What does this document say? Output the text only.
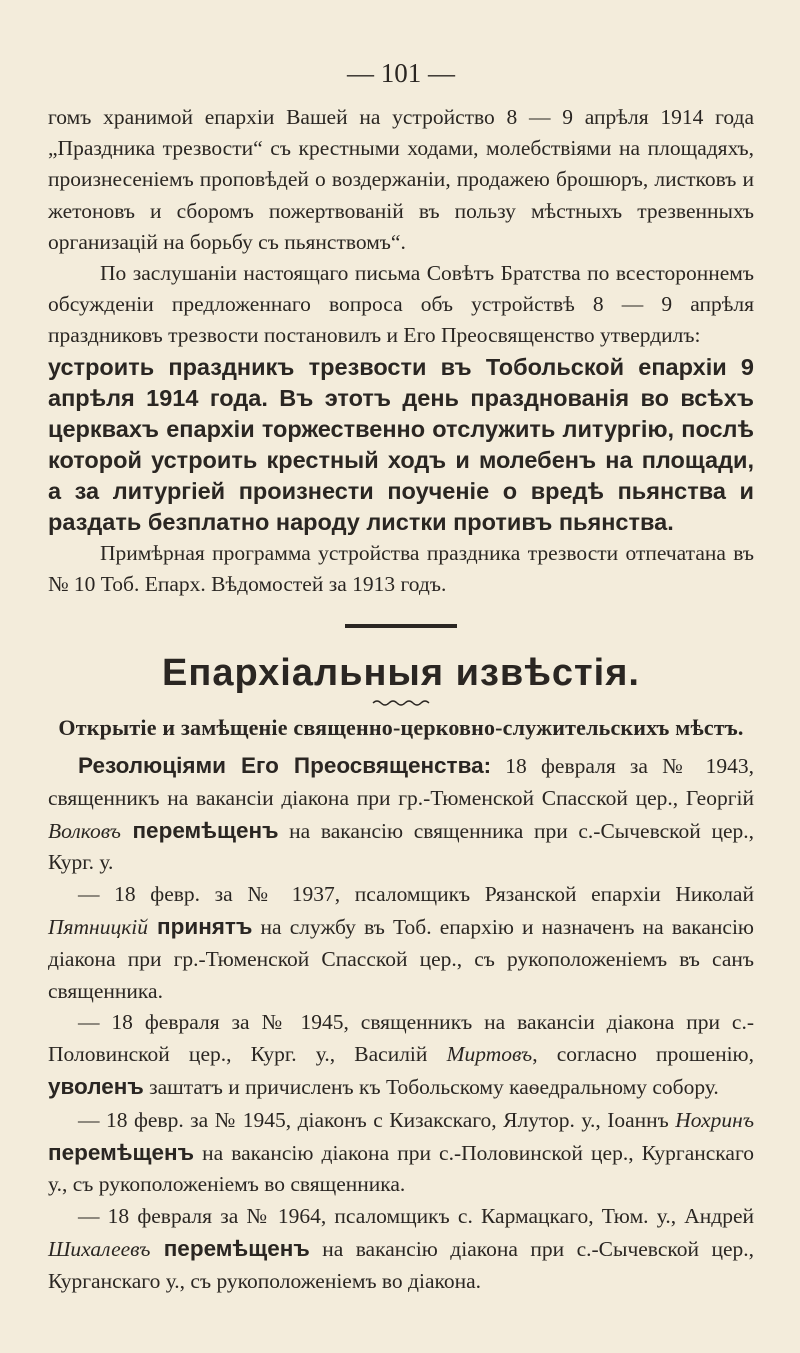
— 101 —

гомъ хранимой епархіи Вашей на устройство 8 — 9 апрѣля 1914 года „Праздника трезвости“ съ крестными ходами, молебствіями на площадяхъ, произнесеніемъ проповѣдей о воздержаніи, продажею брошюръ, листковъ и жетоновъ и сборомъ пожертвованій въ пользу мѣстныхъ трезвенныхъ организацій на борьбу съ пьянствомъ“.

По заслушаніи настоящаго письма Совѣтъ Братства по всестороннемъ обсужденіи предложеннаго вопроса объ устройствѣ 8 — 9 апрѣля праздниковъ трезвости постановилъ и Его Преосвященство утвердилъ:

устроить праздникъ трезвости въ Тобольской епархіи 9 апрѣля 1914 года. Въ этотъ день празднованія во всѣхъ церквахъ епархіи торжественно отслужить литургію, послѣ которой устроить крестный ходъ и молебенъ на площади, а за литургіей произнести поученіе о вредѣ пьянства и раздать безплатно народу листки противъ пьянства.

Примѣрная программа устройства праздника трезвости отпечатана въ № 10 Тоб. Епарх. Вѣдомостей за 1913 годъ.

Епархіальныя извѣстія.

Открытіе и замѣщеніе священно-церковно-служительскихъ мѣстъ.

Резолюціями Его Преосвященства: 18 февраля за № 1943, священникъ на вакансіи діакона при гр.-Тюменской Спасской цер., Георгій Волковъ перемѣщенъ на вакансію священника при с.-Сычевской цер., Кург. у.

— 18 февр. за № 1937, псаломщикъ Рязанской епархіи Николай Пятницкій принятъ на службу въ Тоб. епархію и назначенъ на вакансію діакона при гр.-Тюменской Спасской цер., съ рукоположеніемъ въ санъ священника.

— 18 февраля за № 1945, священникъ на вакансіи діакона при с.-Половинской цер., Кург. у., Василій Миртовъ, согласно прошенію, уволенъ заштатъ и причисленъ къ Тобольскому каѳедральному собору.

— 18 февр. за № 1945, діаконъ с Кизакскаго, Ялутор. у., Іоаннъ Нохринъ перемѣщенъ на вакансію діакона при с.-Половинской цер., Курганскаго у., съ рукоположеніемъ во священника.

— 18 февраля за № 1964, псаломщикъ с. Кармацкаго, Тюм. у., Андрей Шихалеевъ перемѣщенъ на вакансію діакона при с.-Сычевской цер., Курганскаго у., съ рукоположеніемъ во діакона.
